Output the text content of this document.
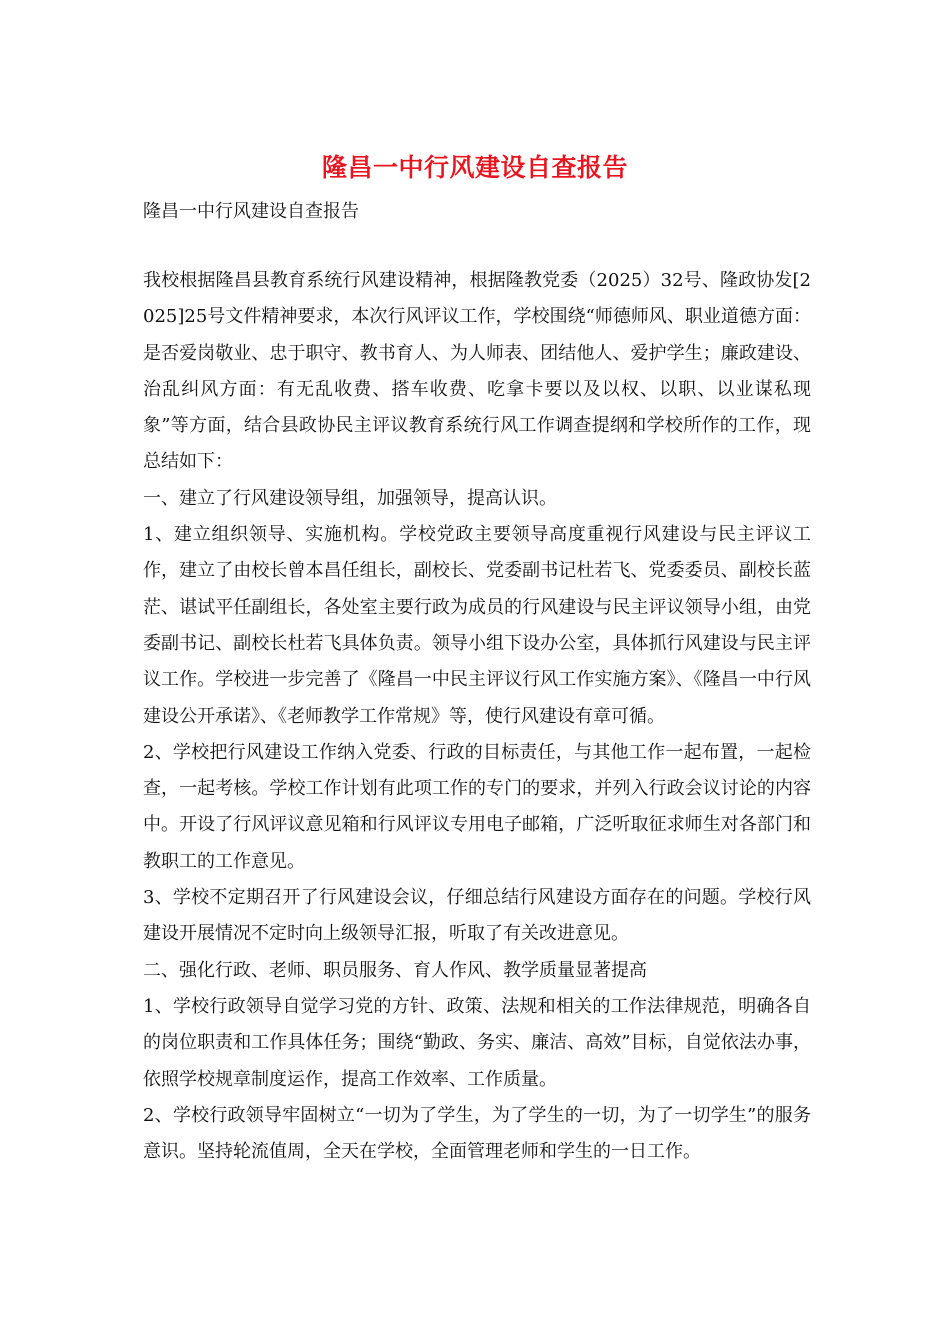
隆昌一中行风建设自查报告
隆昌一中行风建设自查报告

我校根据隆昌县教育系统行风建设精神，根据隆教党委（2025）32号、隆政协发[2025]25号文件精神要求，本次行风评议工作，学校围绕“师德师风、职业道德方面：是否爱岗敬业、忠于职守、教书育人、为人师表、团结他人、爱护学生；廉政建设、治乱纠风方面：有无乱收费、搭车收费、吃拿卡要以及以权、以职、以业谋私现象”等方面，结合县政协民主评议教育系统行风工作调查提纲和学校所作的工作，现总结如下：

一、建立了行风建设领导组，加强领导，提高认识。

1、建立组织领导、实施机构。学校党政主要领导高度重视行风建设与民主评议工作，建立了由校长曾本昌任组长，副校长、党委副书记杜若飞、党委委员、副校长蓝茫、谌试平任副组长，各处室主要行政为成员的行风建设与民主评议领导小组，由党委副书记、副校长杜若飞具体负责。领导小组下设办公室，具体抓行风建设与民主评议工作。学校进一步完善了《隆昌一中民主评议行风工作实施方案》、《隆昌一中行风建设公开承诺》、《老师教学工作常规》等，使行风建设有章可循。

2、学校把行风建设工作纳入党委、行政的目标责任，与其他工作一起布置，一起检查，一起考核。学校工作计划有此项工作的专门的要求，并列入行政会议讨论的内容中。开设了行风评议意见箱和行风评议专用电子邮箱，广泛听取征求师生对各部门和教职工的工作意见。

3、学校不定期召开了行风建设会议，仔细总结行风建设方面存在的问题。学校行风建设开展情况不定时向上级领导汇报，听取了有关改进意见。

二、强化行政、老师、职员服务、育人作风、教学质量显著提高

1、学校行政领导自觉学习党的方针、政策、法规和相关的工作法律规范，明确各自的岗位职责和工作具体任务；围绕“勤政、务实、廉洁、高效”目标，自觉依法办事，依照学校规章制度运作，提高工作效率、工作质量。

2、学校行政领导牢固树立“一切为了学生，为了学生的一切，为了一切学生”的服务意识。坚持轮流值周，全天在学校，全面管理老师和学生的一日工作。
